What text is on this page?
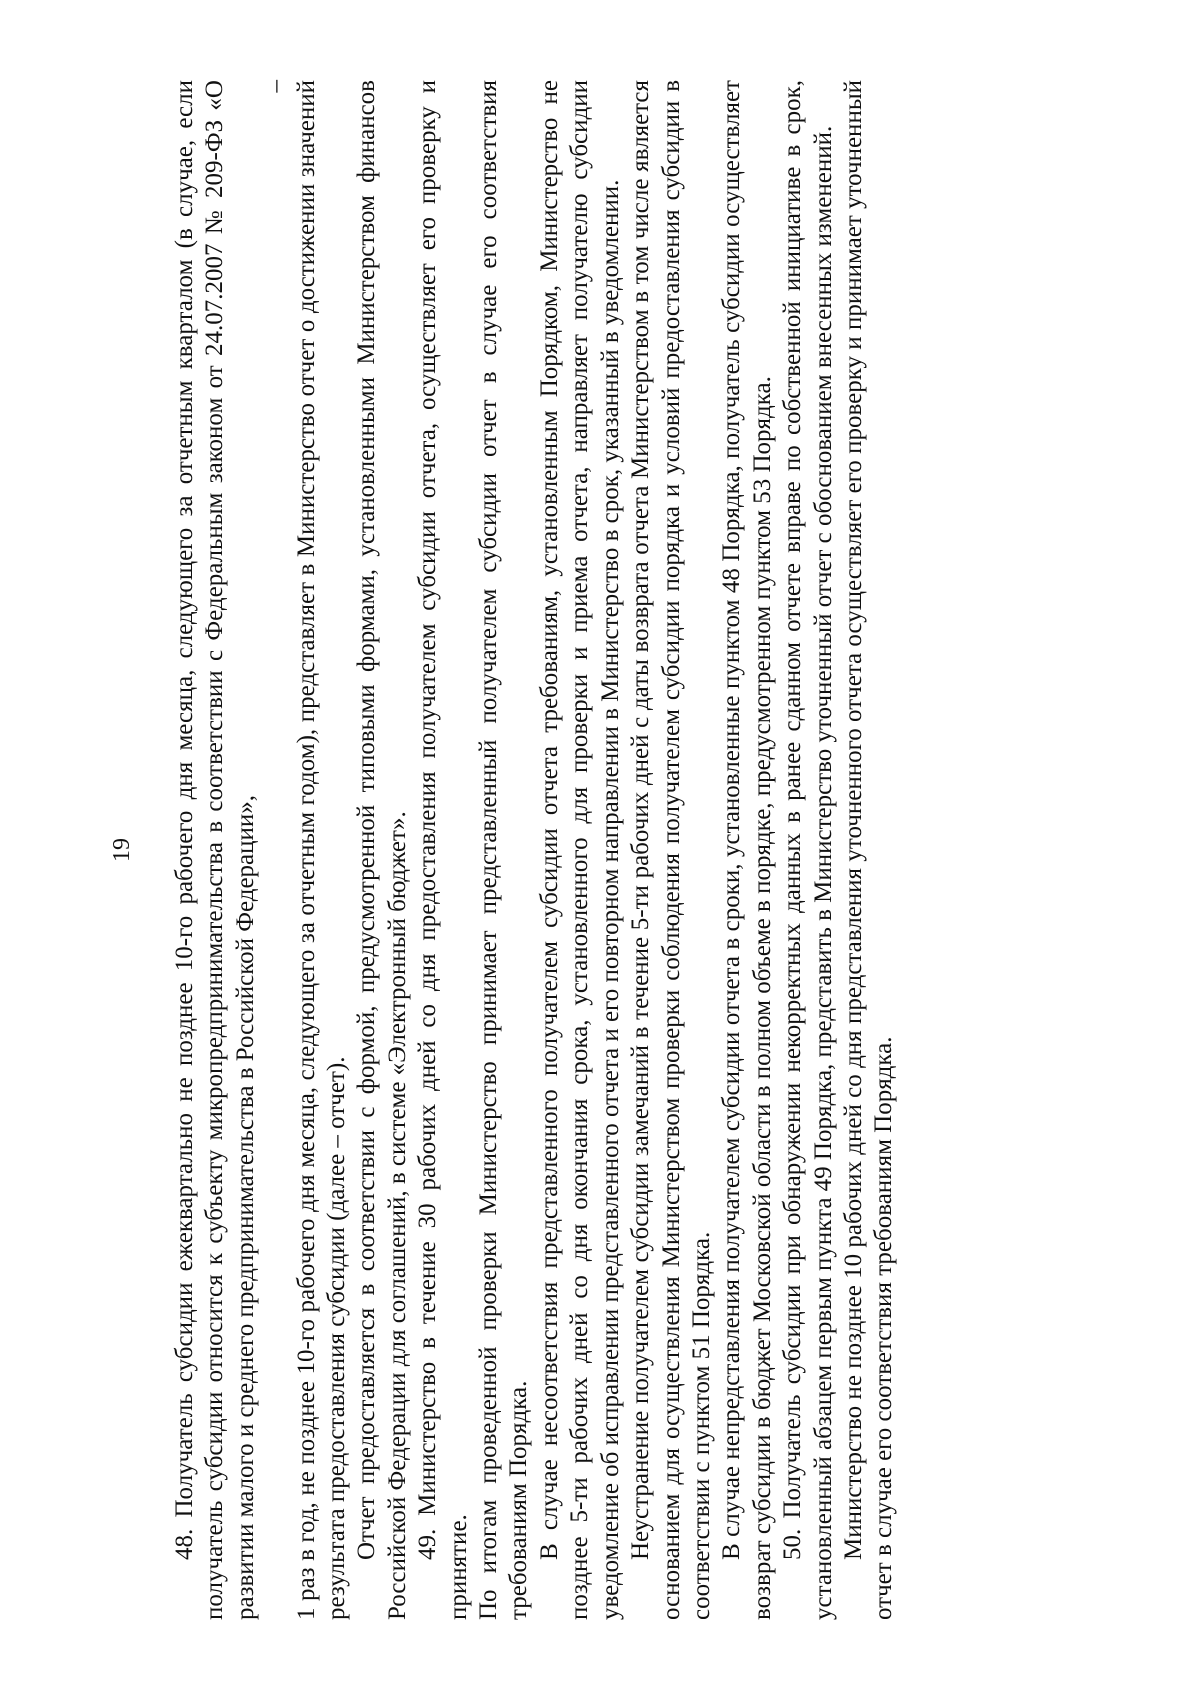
19 48. Получатель субсидии ежеквартально не позднее 10-го рабочего дня месяца, следующего за отчетным кварталом (в случае, если получатель субсидии относится к субъекту микропредпринимательства в соответствии с Федеральным законом от 24.07.2007 № 209-ФЗ «О развитии малого и среднего предпринимательства в Российской Федерации»,

– 1 раз в год, не позднее 10-го рабочего дня месяца, следующего за отчетным годом), представляет в Министерство отчет о достижении значений результата предоставления субсидии (далее – отчет). Отчет предоставляется в соответствии с формой, предусмотренной типовыми формами, установленными Министерством финансов Российской Федерации для соглашений, в системе «Электронный бюджет». 49. Министерство в течение 30 рабочих дней со дня предоставления получателем субсидии отчета, осуществляет его проверку и принятие. По итогам проведенной проверки Министерство принимает представленный получателем субсидии отчет в случае его соответствия требованиям Порядка. В случае несоответствия представленного получателем субсидии отчета требованиям, установленным Порядком, Министерство не позднее 5-ти рабочих дней со дня окончания срока, установленного для проверки и приема отчета, направляет получателю субсидии уведомление об исправлении представленного отчета и его повторном направлении в Министерство в срок, указанный в уведомлении. Неустранение получателем субсидии замечаний в течение 5-ти рабочих дней с даты возврата отчета Министерством в том числе является основанием для осуществления Министерством проверки соблюдения получателем субсидии порядка и условий предоставления субсидии в соответствии с пунктом 51 Порядка. В случае непредставления получателем субсидии отчета в сроки, установленные пунктом 48 Порядка, получатель субсидии осуществляет возврат субсидии в бюджет Московской области в полном объеме в порядке, предусмотренном пунктом 53 Порядка. 50. Получатель субсидии при обнаружении некорректных данных в ранее сданном отчете вправе по собственной инициативе в срок, установленный абзацем первым пункта 49 Порядка, представить в Министерство уточненный отчет с обоснованием внесенных изменений. Министерство не позднее 10 рабочих дней со дня представления уточненного отчета осуществляет его проверку и принимает уточненный отчет в случае его соответствия требованиям Порядка.
